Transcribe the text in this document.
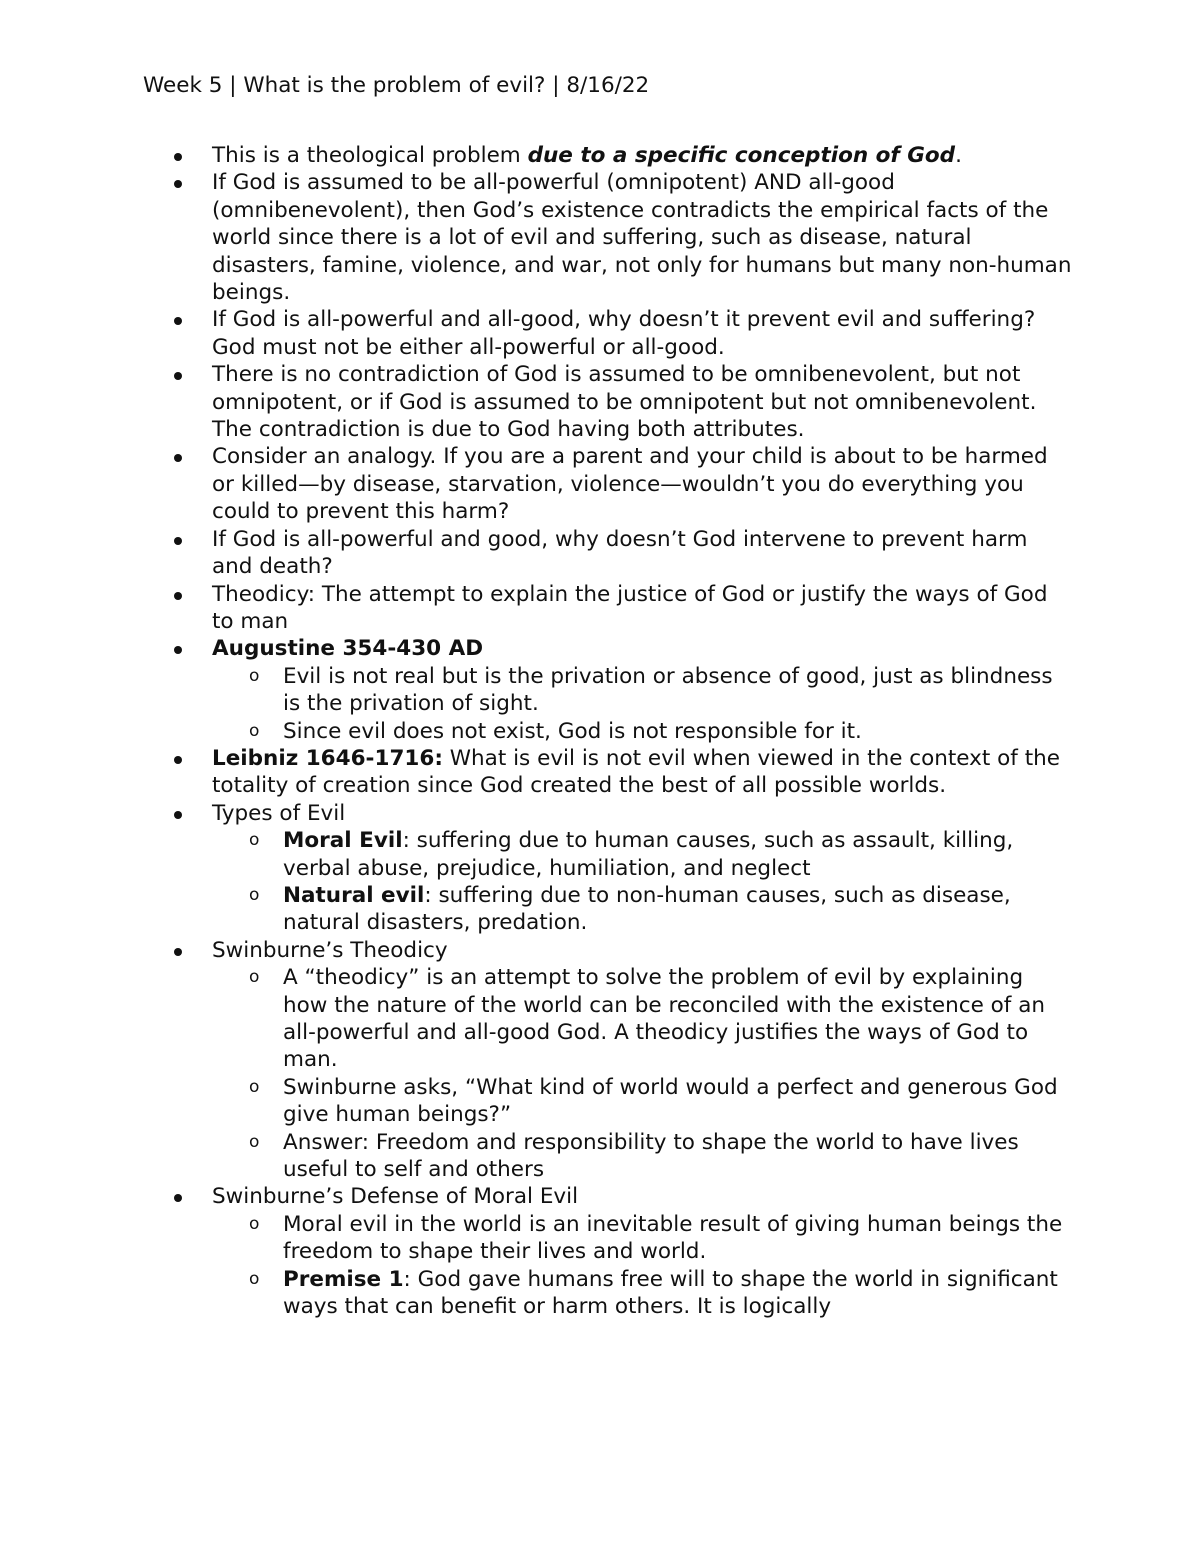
Week 5 | What is the problem of evil? | 8/16/22
This is a theological problem due to a specific conception of God.
If God is assumed to be all-powerful (omnipotent) AND all-good (omnibenevolent), then God’s existence contradicts the empirical facts of the world since there is a lot of evil and suffering, such as disease, natural disasters, famine, violence, and war, not only for humans but many non-human beings.
If God is all-powerful and all-good, why doesn’t it prevent evil and suffering? God must not be either all-powerful or all-good.
There is no contradiction of God is assumed to be omnibenevolent, but not omnipotent, or if God is assumed to be omnipotent but not omnibenevolent. The contradiction is due to God having both attributes.
Consider an analogy. If you are a parent and your child is about to be harmed or killed—by disease, starvation, violence—wouldn’t you do everything you could to prevent this harm?
If God is all-powerful and good, why doesn’t God intervene to prevent harm and death?
Theodicy: The attempt to explain the justice of God or justify the ways of God to man
Augustine 354-430 AD
o	Evil is not real but is the privation or absence of good, just as blindness is the privation of sight.
o	Since evil does not exist, God is not responsible for it.
Leibniz 1646-1716: What is evil is not evil when viewed in the context of the totality of creation since God created the best of all possible worlds.
Types of Evil
o	Moral Evil: suffering due to human causes, such as assault, killing, verbal abuse, prejudice, humiliation, and neglect
o	Natural evil: suffering due to non-human causes, such as disease, natural disasters, predation.
Swinburne’s Theodicy
o	A “theodicy” is an attempt to solve the problem of evil by explaining how the nature of the world can be reconciled with the existence of an all-powerful and all-good God. A theodicy justifies the ways of God to man.
o	Swinburne asks, “What kind of world would a perfect and generous God give human beings?”
o	Answer: Freedom and responsibility to shape the world to have lives useful to self and others
Swinburne’s Defense of Moral Evil
o	Moral evil in the world is an inevitable result of giving human beings the freedom to shape their lives and world.
o	Premise 1: God gave humans free will to shape the world in significant ways that can benefit or harm others. It is logically
